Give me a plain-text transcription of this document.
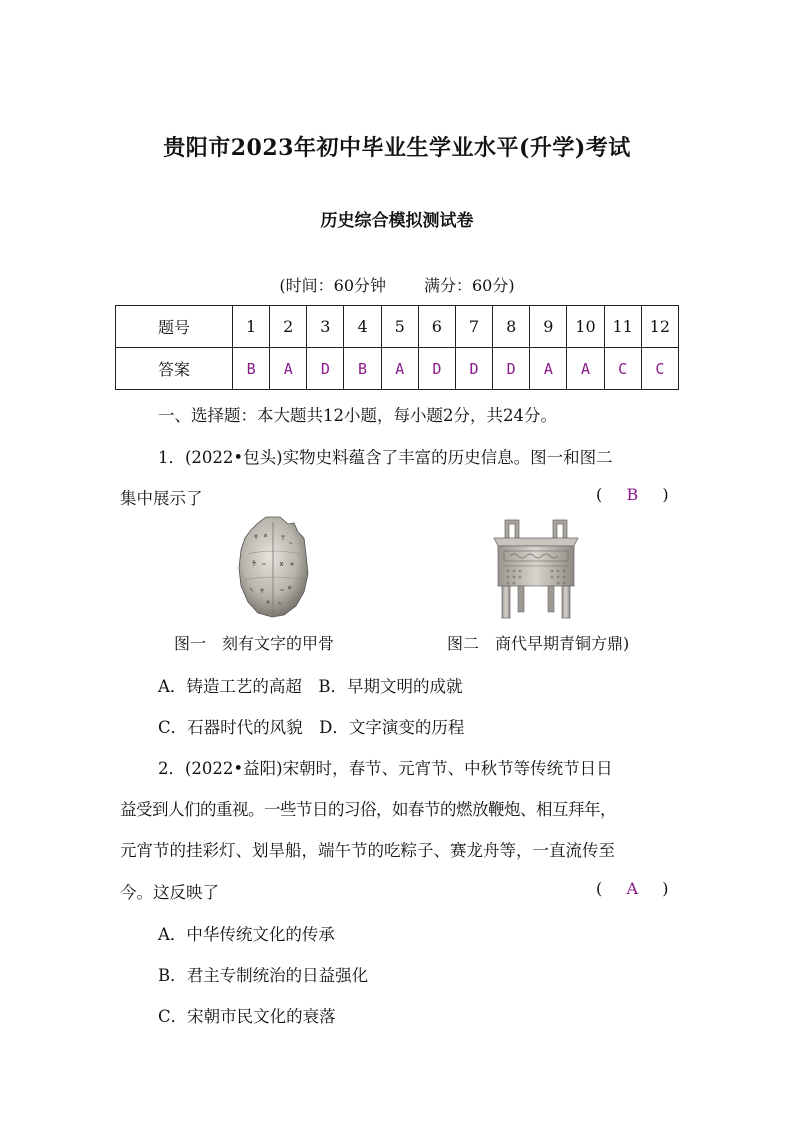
贵阳市2023年初中毕业生学业水平(升学)考试
历史综合模拟测试卷
(时间：60分钟 满分：60分)
题号	1	2	3	4	5	6	7	8	9	10	11	12
答案	B	A	D	B	A	D	D	D	A	A	C	C
一、选择题：本大题共12小题，每小题2分，共24分。
1．(2022•包头)实物史料蕴含了丰富的历史信息。图一和图二
集中展示了	( B )
图一　刻有文字的甲骨	图二　商代早期青铜方鼎)
A．铸造工艺的高超　B．早期文明的成就
C．石器时代的风貌　D．文字演变的历程
2．(2022•益阳)宋朝时，春节、元宵节、中秋节等传统节日日
益受到人们的重视。一些节日的习俗，如春节的燃放鞭炮、相互拜年，
元宵节的挂彩灯、划旱船，端午节的吃粽子、赛龙舟等，一直流传至
今。这反映了	( A )
A．中华传统文化的传承
B．君主专制统治的日益强化
C．宋朝市民文化的衰落
